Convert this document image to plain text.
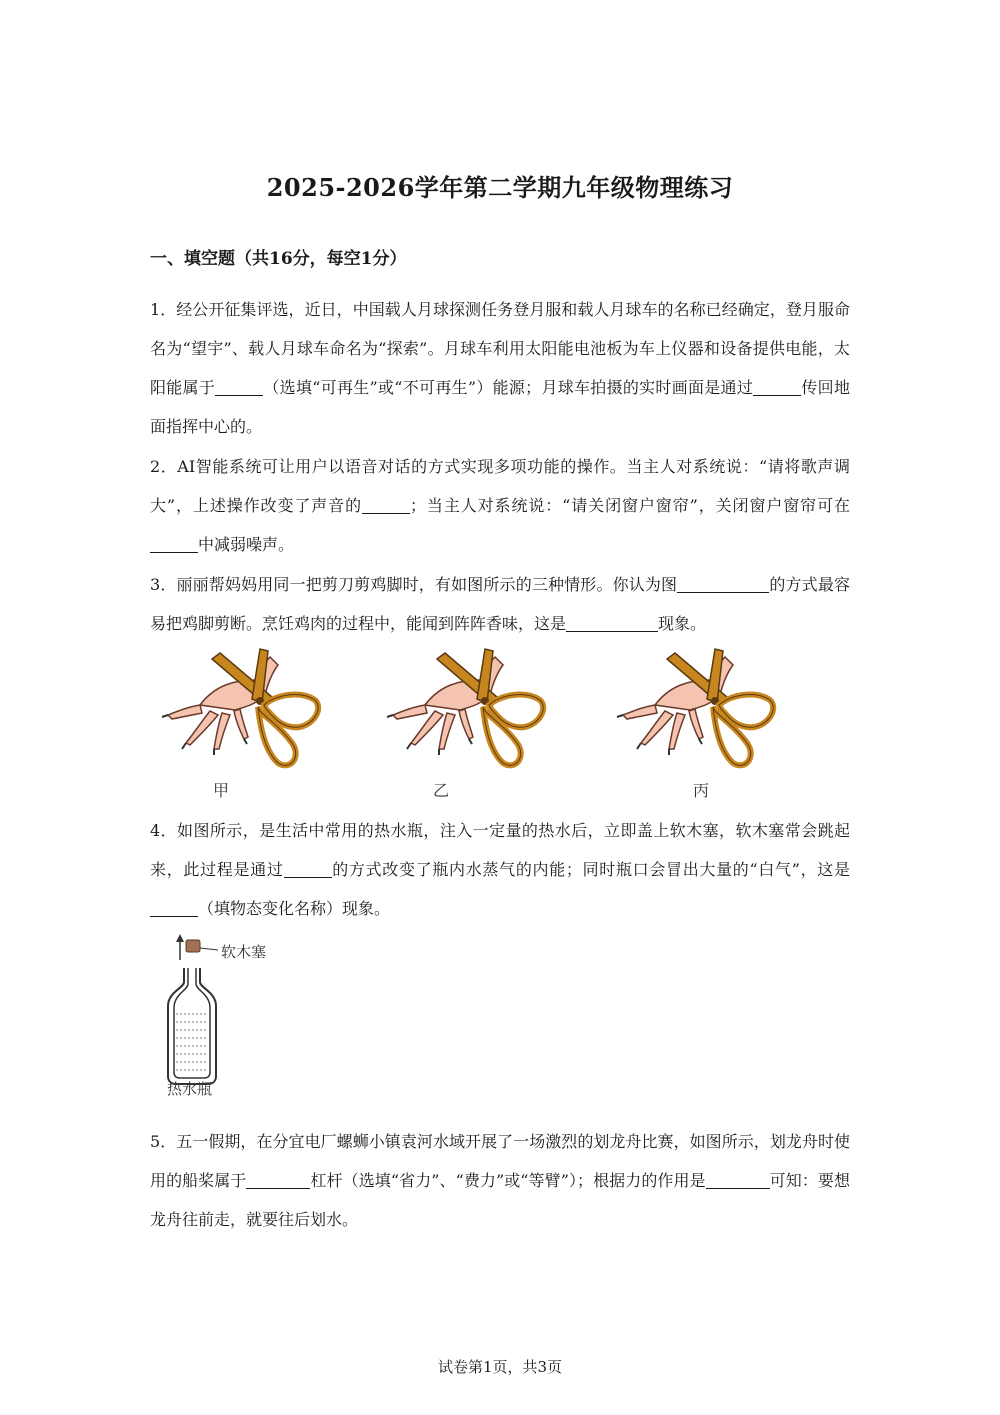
2025-2026学年第二学期九年级物理练习
一、填空题（共16分，每空1分）
1．经公开征集评选，近日，中国载人月球探测任务登月服和载人月球车的名称已经确定，登月服命名为“望宇”、载人月球车命名为“探索”。月球车利用太阳能电池板为车上仪器和设备提供电能，太阳能属于	（选填“可再生”或“不可再生”）能源；月球车拍摄的实时画面是通过	传回地面指挥中心的。
2．AI智能系统可让用户以语音对话的方式实现多项功能的操作。当主人对系统说：“请将歌声调大”，上述操作改变了声音的	；当主人对系统说：“请关闭窗户窗帘”，关闭窗户窗帘可在中减弱噪声。
3．丽丽帮妈妈用同一把剪刀剪鸡脚时，有如图所示的三种情形。你认为图	的方式最容易把鸡脚剪断。烹饪鸡肉的过程中，能闻到阵阵香味，这是	现象。
甲	乙	丙
4．如图所示，是生活中常用的热水瓶，注入一定量的热水后，立即盖上软木塞，软木塞常会跳起来，此过程是通过	的方式改变了瓶内水蒸气的内能；同时瓶口会冒出大量的“白气”，这是（填物态变化名称）现象。
软木塞
热水瓶
5．五一假期，在分宜电厂螺蛳小镇袁河水域开展了一场激烈的划龙舟比赛，如图所示，划龙舟时使用的船桨属于	杠杆（选填“省力”、“费力”或“等臂”）；根据力的作用是	可知：要想龙舟往前走，就要往后划水。
试卷第1页，共3页
